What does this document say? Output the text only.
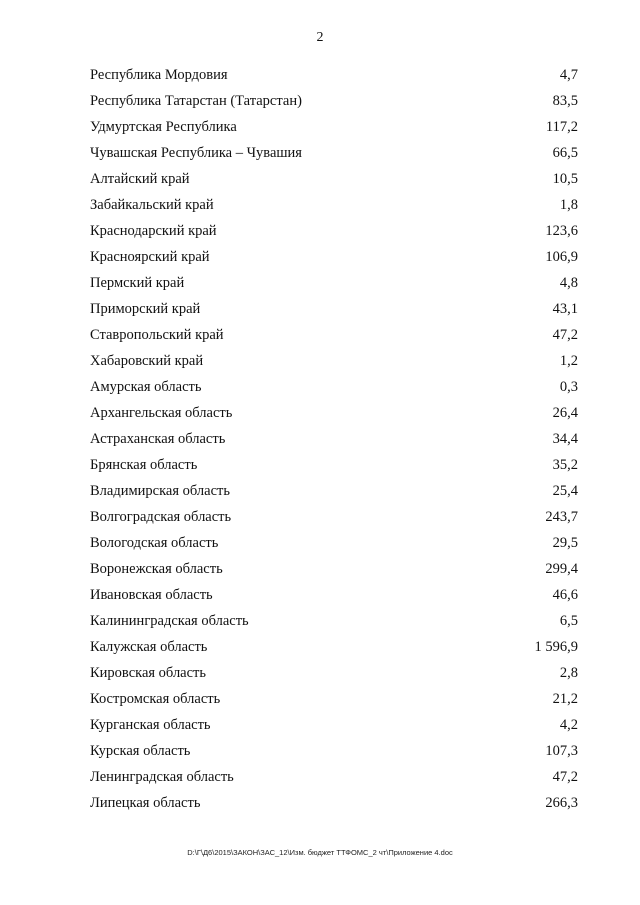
2
Республика Мордовия	4,7
Республика Татарстан (Татарстан)	83,5
Удмуртская Республика	117,2
Чувашская Республика – Чувашия	66,5
Алтайский край	10,5
Забайкальский край	1,8
Краснодарский край	123,6
Красноярский край	106,9
Пермский край	4,8
Приморский край	43,1
Ставропольский край	47,2
Хабаровский край	1,2
Амурская область	0,3
Архангельская область	26,4
Астраханская область	34,4
Брянская область	35,2
Владимирская область	25,4
Волгоградская область	243,7
Вологодская область	29,5
Воронежская область	299,4
Ивановская область	46,6
Калининградская область	6,5
Калужская область	1 596,9
Кировская область	2,8
Костромская область	21,2
Курганская область	4,2
Курская область	107,3
Ленинградская область	47,2
Липецкая область	266,3
D:\Г\Д6\2015\ЗАКОН\ЗАС_12\Изм. бюджет ТТФОМС_2 чт\Приложение 4.doc
